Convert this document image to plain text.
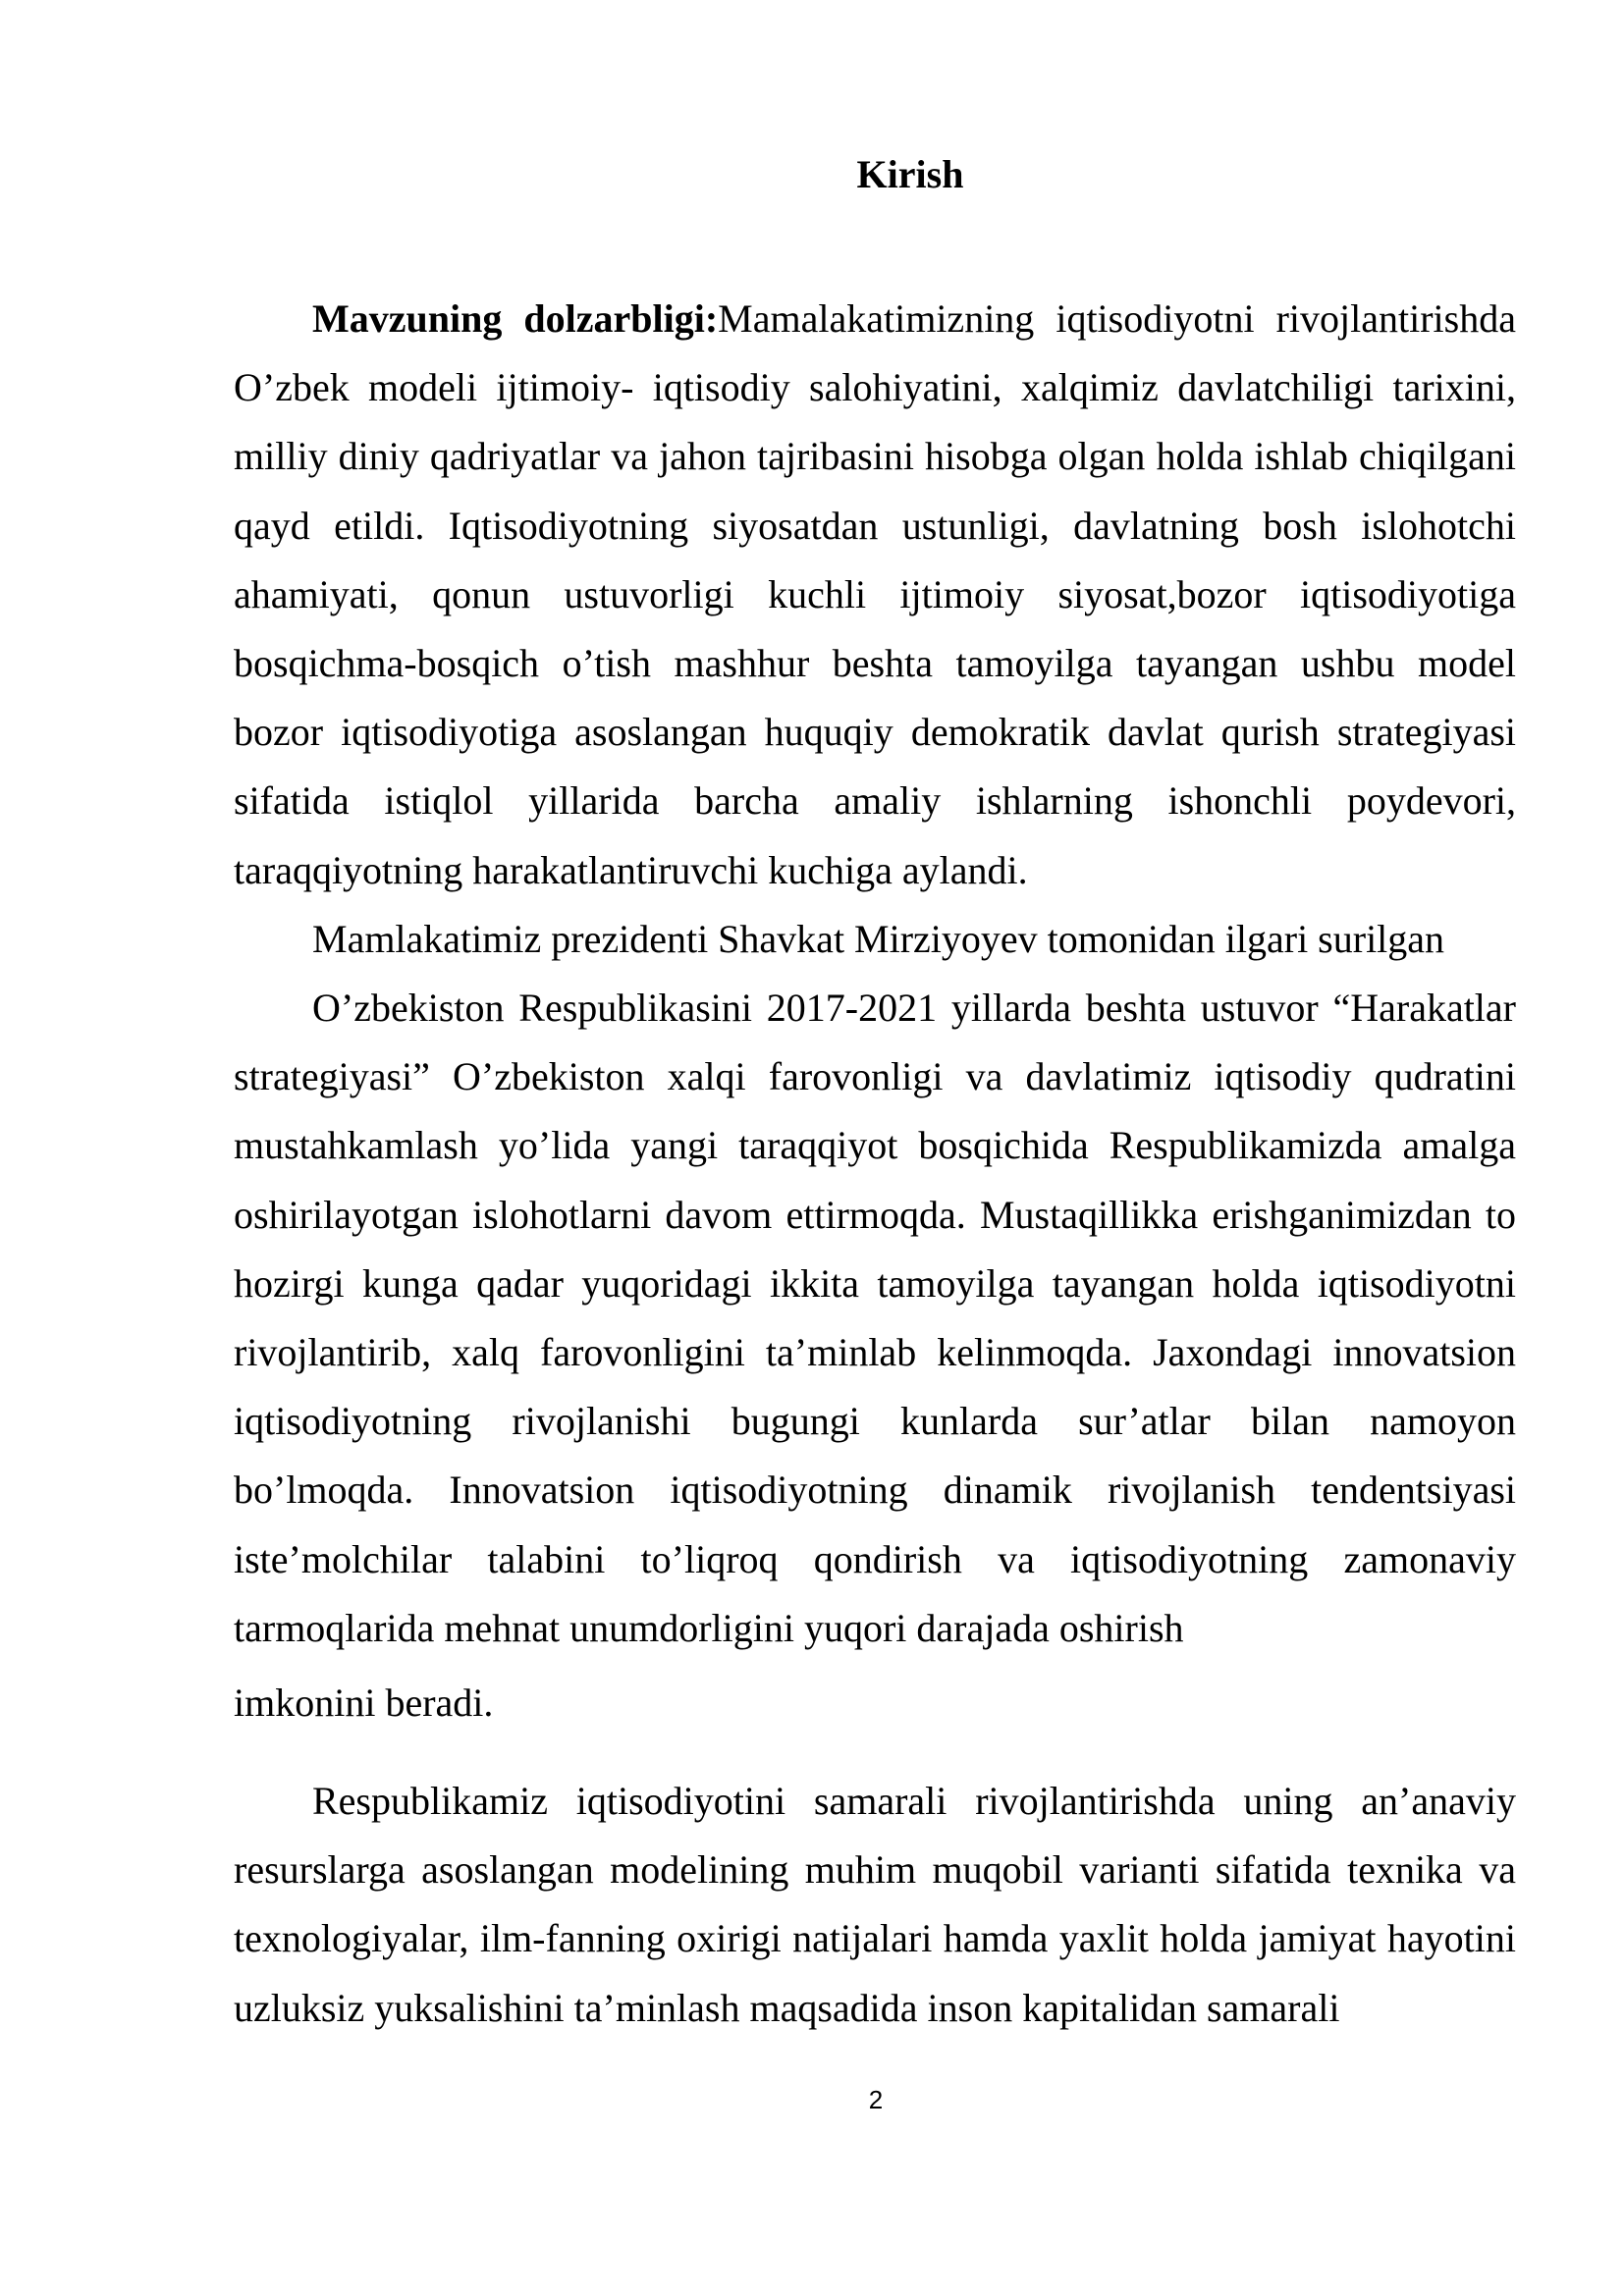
Kirish

Mavzuning dolzarbligi:Mamalakatimizning iqtisodiyotni rivojlantirishda O’zbek modeli ijtimoiy- iqtisodiy salohiyatini, xalqimiz davlatchiligi tarixini, milliy diniy qadriyatlar va jahon tajribasini hisobga olgan holda ishlab chiqilgani qayd etildi. Iqtisodiyotning siyosatdan ustunligi, davlatning bosh islohotchi ahamiyati, qonun ustuvorligi kuchli ijtimoiy siyosat,bozor iqtisodiyotiga bosqichma-bosqich o’tish mashhur beshta tamoyilga tayangan ushbu model bozor iqtisodiyotiga asoslangan huquqiy demokratik davlat qurish strategiyasi sifatida istiqlol yillarida barcha amaliy ishlarning ishonchli poydevori, taraqqiyotning harakatlantiruvchi kuchiga aylandi.

Mamlakatimiz prezidenti Shavkat Mirziyoyev tomonidan ilgari surilgan

O’zbekiston Respublikasini 2017-2021 yillarda beshta ustuvor “Harakatlar strategiyasi” O’zbekiston xalqi farovonligi va davlatimiz iqtisodiy qudratini mustahkamlash yo’lida yangi taraqqiyot bosqichida Respublikamizda amalga oshirilayotgan islohotlarni davom ettirmoqda. Mustaqillikka erishganimizdan to hozirgi kunga qadar yuqoridagi ikkita tamoyilga tayangan holda iqtisodiyotni rivojlantirib, xalq farovonligini ta’minlab kelinmoqda. Jaxondagi innovatsion iqtisodiyotning rivojlanishi bugungi kunlarda sur’atlar bilan namoyon bo’lmoqda. Innovatsion iqtisodiyotning dinamik rivojlanish tendentsiyasi iste’molchilar talabini to’liqroq qondirish va iqtisodiyotning zamonaviy tarmoqlarida mehnat unumdorligini yuqori darajada oshirish

imkonini beradi.

Respublikamiz iqtisodiyotini samarali rivojlantirishda uning an’anaviy resurslarga asoslangan modelining muhim muqobil varianti sifatida texnika va texnologiyalar, ilm-fanning oxirigi natijalari hamda yaxlit holda jamiyat hayotini uzluksiz yuksalishini ta’minlash maqsadida inson kapitalidan samarali

2
